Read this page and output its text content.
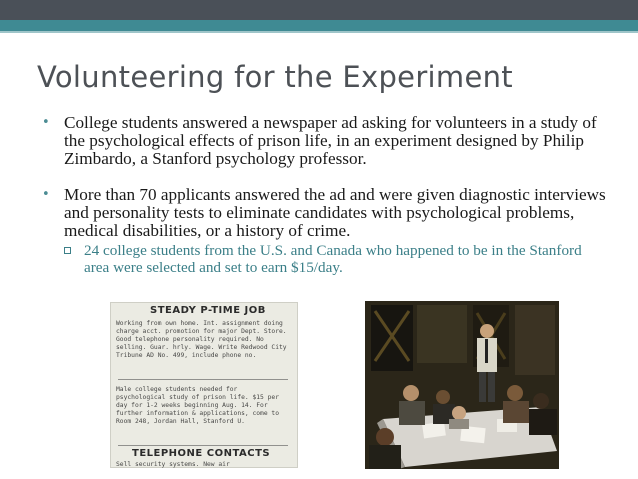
Volunteering for the Experiment

• College students answered a newspaper ad asking for volunteers in a study of the psychological effects of prison life, in an experiment designed by Philip Zimbardo, a Stanford psychology professor.

• More than 70 applicants answered the ad and were given diagnostic interviews and personality tests to eliminate candidates with psychological problems, medical disabilities, or a history of crime.

24 college students from the U.S. and Canada who happened to be in the Stanford area were selected and set to earn $15/day.

STEADY P-TIME JOB
Working from own home. Int. assignment doing charge acct. promotion for major Dept. Store. Good telephone personality required. No selling. Guar. hrly. Wage. Write Redwood City Tribune AD No. 499, include phone no.
Male college students needed for psychological study of prison life. $15 per day for 1-2 weeks beginning Aug. 14. For further information & applications, come to Room 248, Jordan Hall, Stanford U.
TELEPHONE CONTACTS
Sell security systems. New air
